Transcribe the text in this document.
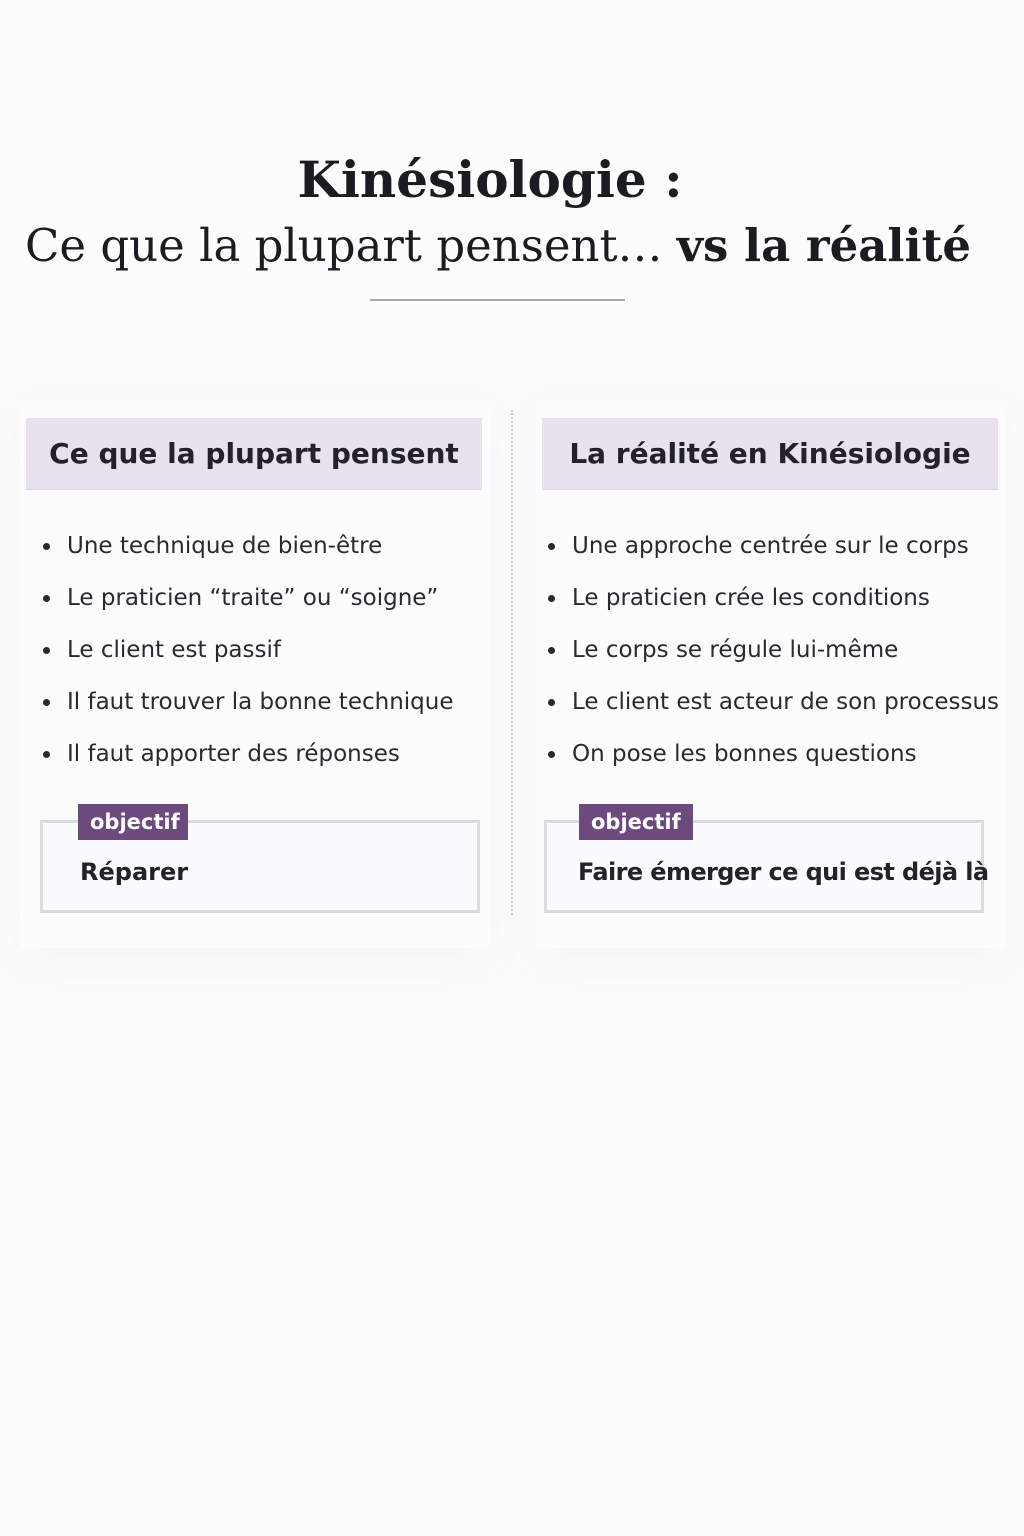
Kinésiologie :
Ce que la plupart pensent… vs la réalité
Ce que la plupart pensent	La réalité en Kinésiologie
Une technique de bien-être
Le praticien “traite” ou “soigne”
Le client est passif
Il faut trouver la bonne technique
Il faut apporter des réponses
Une approche centrée sur le corps
Le praticien crée les conditions
Le corps se régule lui-même
Le client est acteur de son processus
On pose les bonnes questions
objectif
Réparer
objectif
Faire émerger ce qui est déjà là
